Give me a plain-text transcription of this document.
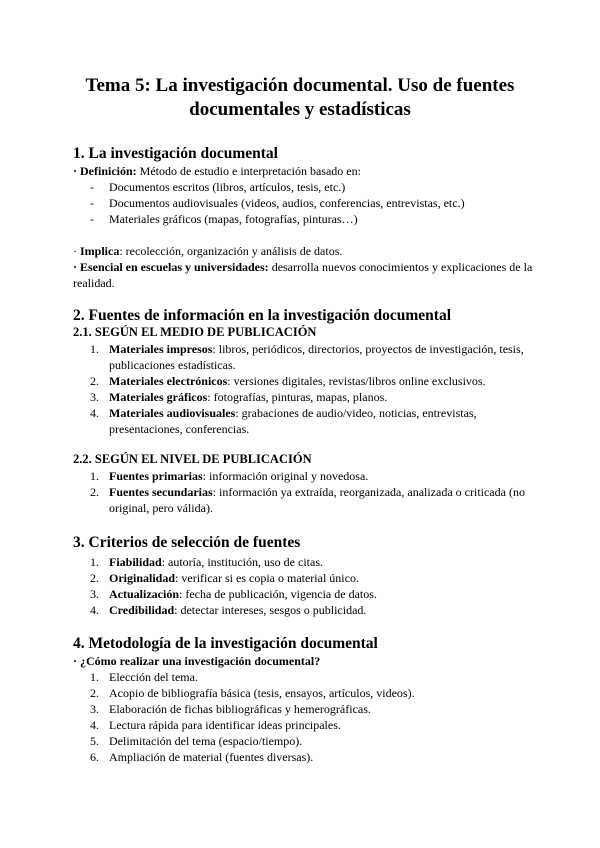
Tema 5: La investigación documental. Uso de fuentes
documentales y estadísticas
1. La investigación documental

· Definición: Método de estudio e interpretación basado en:

-	Documentos escritos (libros, artículos, tesis, etc.)
-	Documentos audiovisuales (videos, audios, conferencias, entrevistas, etc.)
-	Materiales gráficos (mapas, fotografías, pinturas…)

· Implica: recolección, organización y análisis de datos.

· Esencial en escuelas y universidades: desarrolla nuevos conocimientos y explicaciones de la realidad.

2. Fuentes de información en la investigación documental
2.1. SEGÚN EL MEDIO DE PUBLICACIÓN
1. Materiales impresos: libros, periódicos, directorios, proyectos de investigación, tesis, publicaciones estadísticas.
2. Materiales electrónicos: versiones digitales, revistas/libros online exclusivos.
3. Materiales gráficos: fotografías, pinturas, mapas, planos.
4. Materiales audiovisuales: grabaciones de audio/video, noticias, entrevistas, presentaciones, conferencias.
2.2. SEGÚN EL NIVEL DE PUBLICACIÓN
1. Fuentes primarias: información original y novedosa.
2. Fuentes secundarias: información ya extraída, reorganizada, analizada o criticada (no original, pero válida).
3. Criterios de selección de fuentes
1. Fiabilidad: autoría, institución, uso de citas.
2. Originalidad: verificar si es copia o material único.
3. Actualización: fecha de publicación, vigencia de datos.
4. Credibilidad: detectar intereses, sesgos o publicidad.
4. Metodología de la investigación documental

· ¿Cómo realizar una investigación documental?

1. Elección del tema.
2. Acopio de bibliografía básica (tesis, ensayos, artículos, videos).
3. Elaboración de fichas bibliográficas y hemerográficas.
4. Lectura rápida para identificar ideas principales.
5. Delimitación del tema (espacio/tiempo).
6. Ampliación de material (fuentes diversas).
